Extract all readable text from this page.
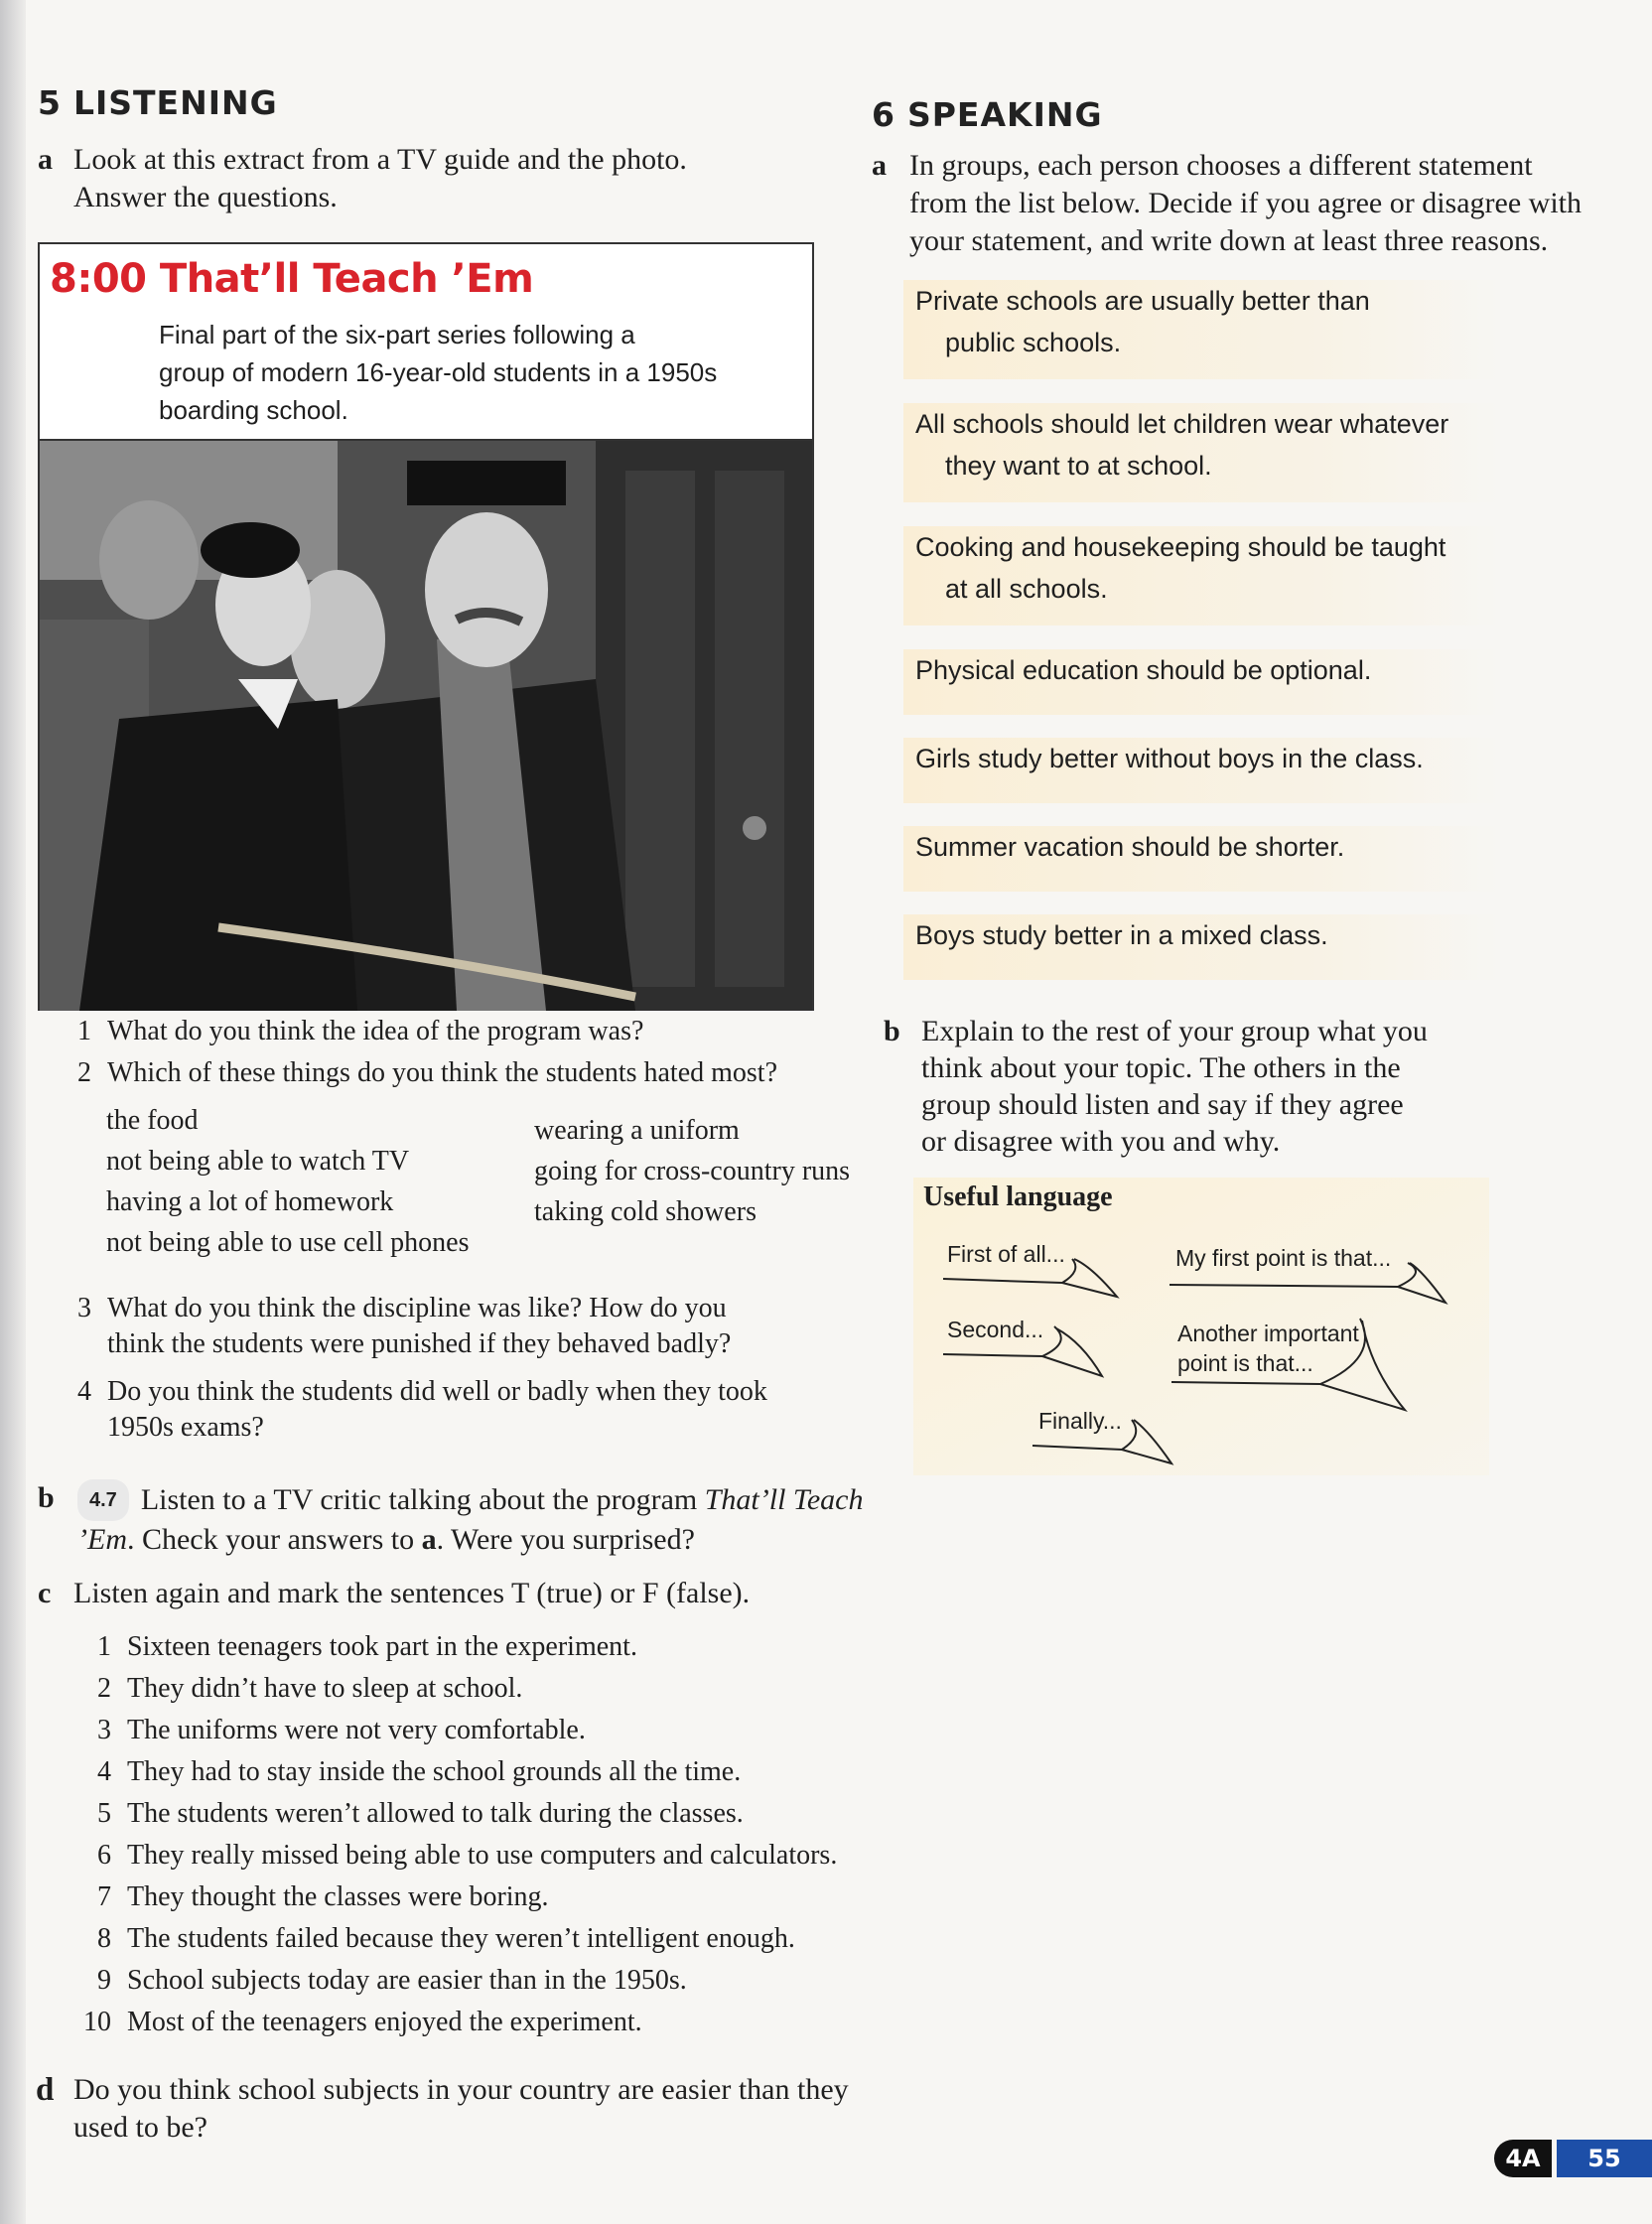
5 LISTENING
a Look at this extract from a TV guide and the photo. Answer the questions.
8:00 That’ll Teach ’Em
Final part of the six-part series following a
group of modern 16-year-old students in a 1950s
boarding school.
1 What do you think the idea of the program was?
2 Which of these things do you think the students hated most?
the food
not being able to watch TV
having a lot of homework
not being able to use cell phones
wearing a uniform
going for cross-country runs
taking cold showers
3 What do you think the discipline was like? How do you
think the students were punished if they behaved badly?
4 Do you think the students did well or badly when they took
1950s exams?
b	4.7 Listen to a TV critic talking about the program That’ll Teach ’Em. Check your answers to a. Were you surprised?
c Listen again and mark the sentences T (true) or F (false).
1 Sixteen teenagers took part in the experiment.
2 They didn’t have to sleep at school.
3 The uniforms were not very comfortable.
4 They had to stay inside the school grounds all the time.
5 The students weren’t allowed to talk during the classes.
6 They really missed being able to use computers and calculators.
7 They thought the classes were boring.
8 The students failed because they weren’t intelligent enough.
9 School subjects today are easier than in the 1950s.
10 Most of the teenagers enjoyed the experiment.
d Do you think school subjects in your country are easier than they
used to be?
6 SPEAKING
a In groups, each person chooses a different statement
from the list below. Decide if you agree or disagree with
your statement, and write down at least three reasons.
Private schools are usually better than
public schools.
All schools should let children wear whatever
they want to at school.
Cooking and housekeeping should be taught
at all schools.
Physical education should be optional.
Girls study better without boys in the class.
Summer vacation should be shorter.
Boys study better in a mixed class.
b Explain to the rest of your group what you
think about your topic. The others in the
group should listen and say if they agree
or disagree with you and why.
Useful language
First of all...	My first point is that...
Second...	Another important
point is that...
Finally...
4A	55
